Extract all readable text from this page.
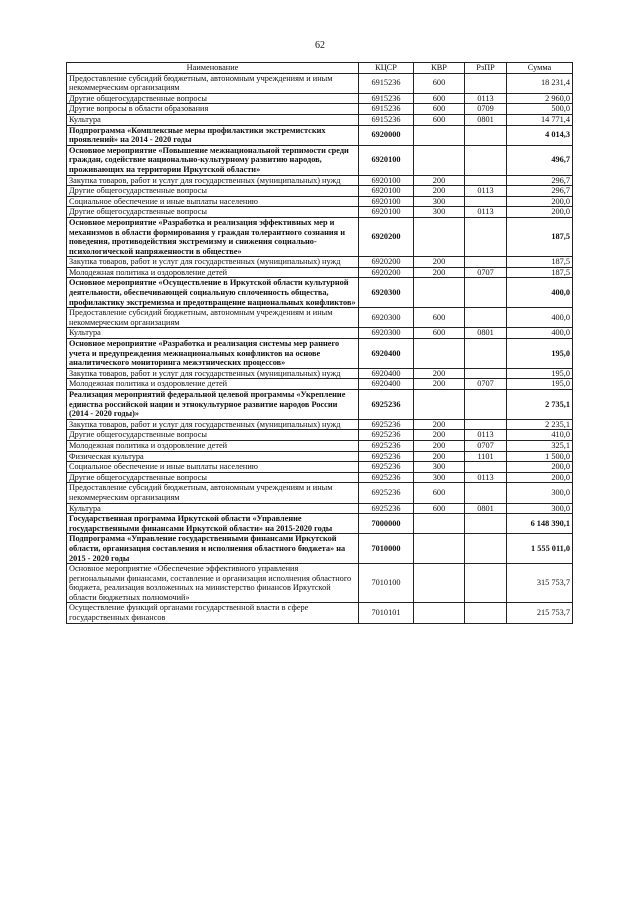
62
Наименование	КЦСР	КВР	РзПР	Сумма
Предоставление субсидий бюджетным, автономным учреждениям и иным некоммерческим организациям	6915236	600		18 231,4
Другие общегосударственные вопросы	6915236	600	0113	2 960,0
Другие вопросы в области образования	6915236	600	0709	500,0
Культура	6915236	600	0801	14 771,4
Подпрограмма «Комплексные меры профилактики экстремистских проявлений» на 2014 - 2020 годы	6920000			4 014,3
Основное мероприятие «Повышение межнациональной терпимости среди граждан, содействие национально-культурному развитию народов, проживающих на территории Иркутской области»	6920100			496,7
Закупка товаров, работ и услуг для государственных (муниципальных) нужд	6920100	200		296,7
Другие общегосударственные вопросы	6920100	200	0113	296,7
Социальное обеспечение и иные выплаты населению	6920100	300		200,0
Другие общегосударственные вопросы	6920100	300	0113	200,0
Основное мероприятие «Разработка и реализация эффективных мер и механизмов в области формирования у граждан толерантного сознания и поведения, противодействия экстремизму и снижения социально-психологической напряженности в обществе»	6920200			187,5
Закупка товаров, работ и услуг для государственных (муниципальных) нужд	6920200	200		187,5
Молодежная политика и оздоровление детей	6920200	200	0707	187,5
Основное мероприятие «Осуществление в Иркутской области культурной деятельности, обеспечивающей социальную сплоченность общества, профилактику экстремизма и предотвращение национальных конфликтов»	6920300			400,0
Предоставление субсидий бюджетным, автономным учреждениям и иным некоммерческим организациям	6920300	600		400,0
Культура	6920300	600	0801	400,0
Основное мероприятие «Разработка и реализация системы мер раннего учета и предупреждения межнациональных конфликтов на основе аналитического мониторинга межэтнических процессов»	6920400			195,0
Закупка товаров, работ и услуг для государственных (муниципальных) нужд	6920400	200		195,0
Молодежная политика и оздоровление детей	6920400	200	0707	195,0
Реализация мероприятий федеральной целевой программы «Укрепление единства российской нации и этнокультурное развитие народов России (2014 - 2020 годы)»	6925236			2 735,1
Закупка товаров, работ и услуг для государственных (муниципальных) нужд	6925236	200		2 235,1
Другие общегосударственные вопросы	6925236	200	0113	410,0
Молодежная политика и оздоровление детей	6925236	200	0707	325,1
Физическая культура	6925236	200	1101	1 500,0
Социальное обеспечение и иные выплаты населению	6925236	300		200,0
Другие общегосударственные вопросы	6925236	300	0113	200,0
Предоставление субсидий бюджетным, автономным учреждениям и иным некоммерческим организациям	6925236	600		300,0
Культура	6925236	600	0801	300,0
Государственная программа Иркутской области «Управление государственными финансами Иркутской области» на 2015-2020 годы	7000000			6 148 390,1
Подпрограмма «Управление государственными финансами Иркутской области, организация составления и исполнения областного бюджета» на 2015 - 2020 годы	7010000			1 555 011,0
Основное мероприятие «Обеспечение эффективного управления региональными финансами, составление и организация исполнения областного бюджета, реализация возложенных на министерство финансов Иркутской области бюджетных полномочий»	7010100			315 753,7
Осуществление функций органами государственной власти в сфере государственных финансов	7010101			215 753,7
